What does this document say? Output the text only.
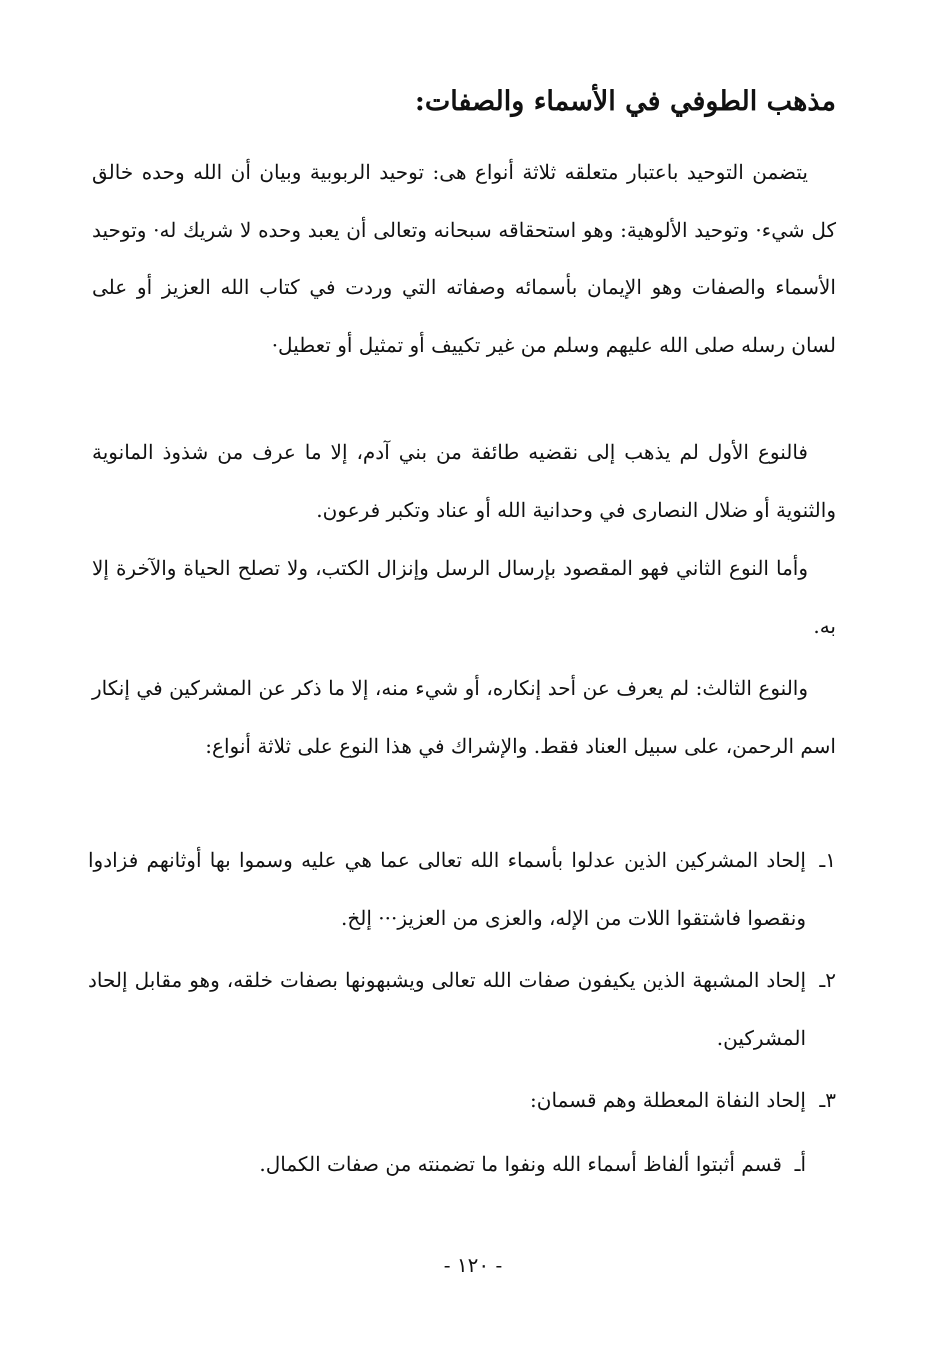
مذهب الطوفي في الأسماء والصفات:

يتضمن التوحيد باعتبار متعلقه ثلاثة أنواع هى: توحيد الربوبية وبيان أن الله وحده خالق كل شيء· وتوحيد الألوهية: وهو استحقاقه سبحانه وتعالى أن يعبد وحده لا شريك له· وتوحيد الأسماء والصفات وهو الإيمان بأسمائه وصفاته التي وردت في كتاب الله العزيز أو على لسان رسله صلى الله عليهم وسلم من غير تكييف أو تمثيل أو تعطيل·

فالنوع الأول لم يذهب إلى نقضيه طائفة من بني آدم، إلا ما عرف من شذوذ المانوية والثنوية أو ضلال النصارى في وحدانية الله أو عناد وتكبر فرعون.

وأما النوع الثاني فهو المقصود بإرسال الرسل وإنزال الكتب، ولا تصلح الحياة والآخرة إلا به.

والنوع الثالث: لم يعرف عن أحد إنكاره، أو شيء منه، إلا ما ذكر عن المشركين في إنكار اسم الرحمن، على سبيل العناد فقط. والإشراك في هذا النوع على ثلاثة أنواع:

١ـ
إلحاد المشركين الذين عدلوا بأسماء الله تعالى عما هي عليه وسموا بها أوثانهم فزادوا ونقصوا فاشتقوا اللات من الإله، والعزى من العزيز··· إلخ.
٢ـ
إلحاد المشبهة الذين يكيفون صفات الله تعالى ويشبهونها بصفات خلقه، وهو مقابل إلحاد المشركين.
٣ـ
إلحاد النفاة المعطلة وهم قسمان:
أـ
قسم أثبتوا ألفاظ أسماء الله ونفوا ما تضمنته من صفات الكمال.
- ١٢٠ -
